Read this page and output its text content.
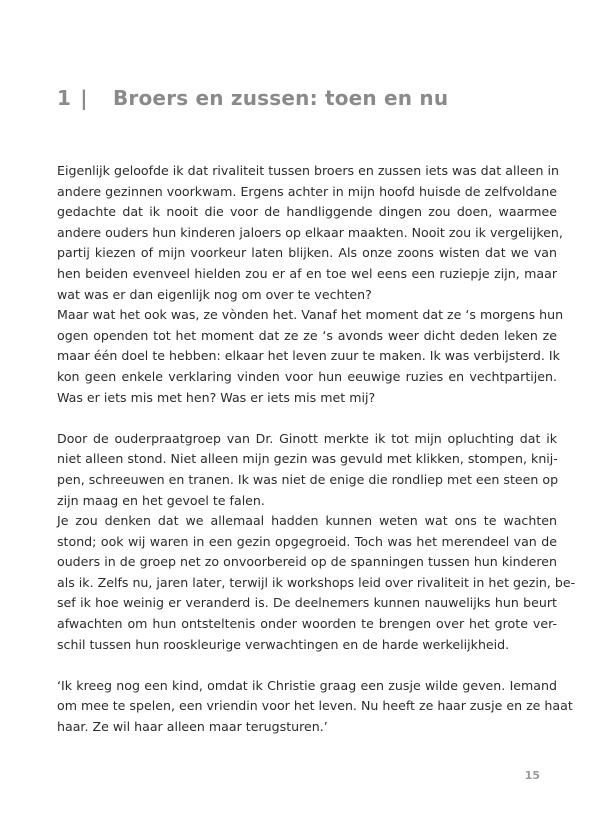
1 | Broers en zussen: toen en nu
Eigenlijk geloofde ik dat rivaliteit tussen broers en zussen iets was dat alleen in
andere gezinnen voorkwam. Ergens achter in mijn hoofd huisde de zelfvoldane
gedachte dat ik nooit die voor de handliggende dingen zou doen, waarmee
andere ouders hun kinderen jaloers op elkaar maakten. Nooit zou ik vergelijken,
partij kiezen of mijn voorkeur laten blijken. Als onze zoons wisten dat we van
hen beiden evenveel hielden zou er af en toe wel eens een ruziepje zijn, maar
wat was er dan eigenlijk nog om over te vechten?
Maar wat het ook was, ze vònden het. Vanaf het moment dat ze ‘s morgens hun
ogen openden tot het moment dat ze ze ‘s avonds weer dicht deden leken ze
maar één doel te hebben: elkaar het leven zuur te maken. Ik was verbijsterd. Ik
kon geen enkele verklaring vinden voor hun eeuwige ruzies en vechtpartijen.
Was er iets mis met hen? Was er iets mis met mij?
Door de ouderpraatgroep van Dr. Ginott merkte ik tot mijn opluchting dat ik
niet alleen stond. Niet alleen mijn gezin was gevuld met klikken, stompen, knij-
pen, schreeuwen en tranen. Ik was niet de enige die rondliep met een steen op
zijn maag en het gevoel te falen.
Je zou denken dat we allemaal hadden kunnen weten wat ons te wachten
stond; ook wij waren in een gezin opgegroeid. Toch was het merendeel van de
ouders in de groep net zo onvoorbereid op de spanningen tussen hun kinderen
als ik. Zelfs nu, jaren later, terwijl ik workshops leid over rivaliteit in het gezin, be-
sef ik hoe weinig er veranderd is. De deelnemers kunnen nauwelijks hun beurt
afwachten om hun ontsteltenis onder woorden te brengen over het grote ver-
schil tussen hun rooskleurige verwachtingen en de harde werkelijkheid.
‘Ik kreeg nog een kind, omdat ik Christie graag een zusje wilde geven. Iemand
om mee te spelen, een vriendin voor het leven. Nu heeft ze haar zusje en ze haat
haar. Ze wil haar alleen maar terugsturen.’
15
